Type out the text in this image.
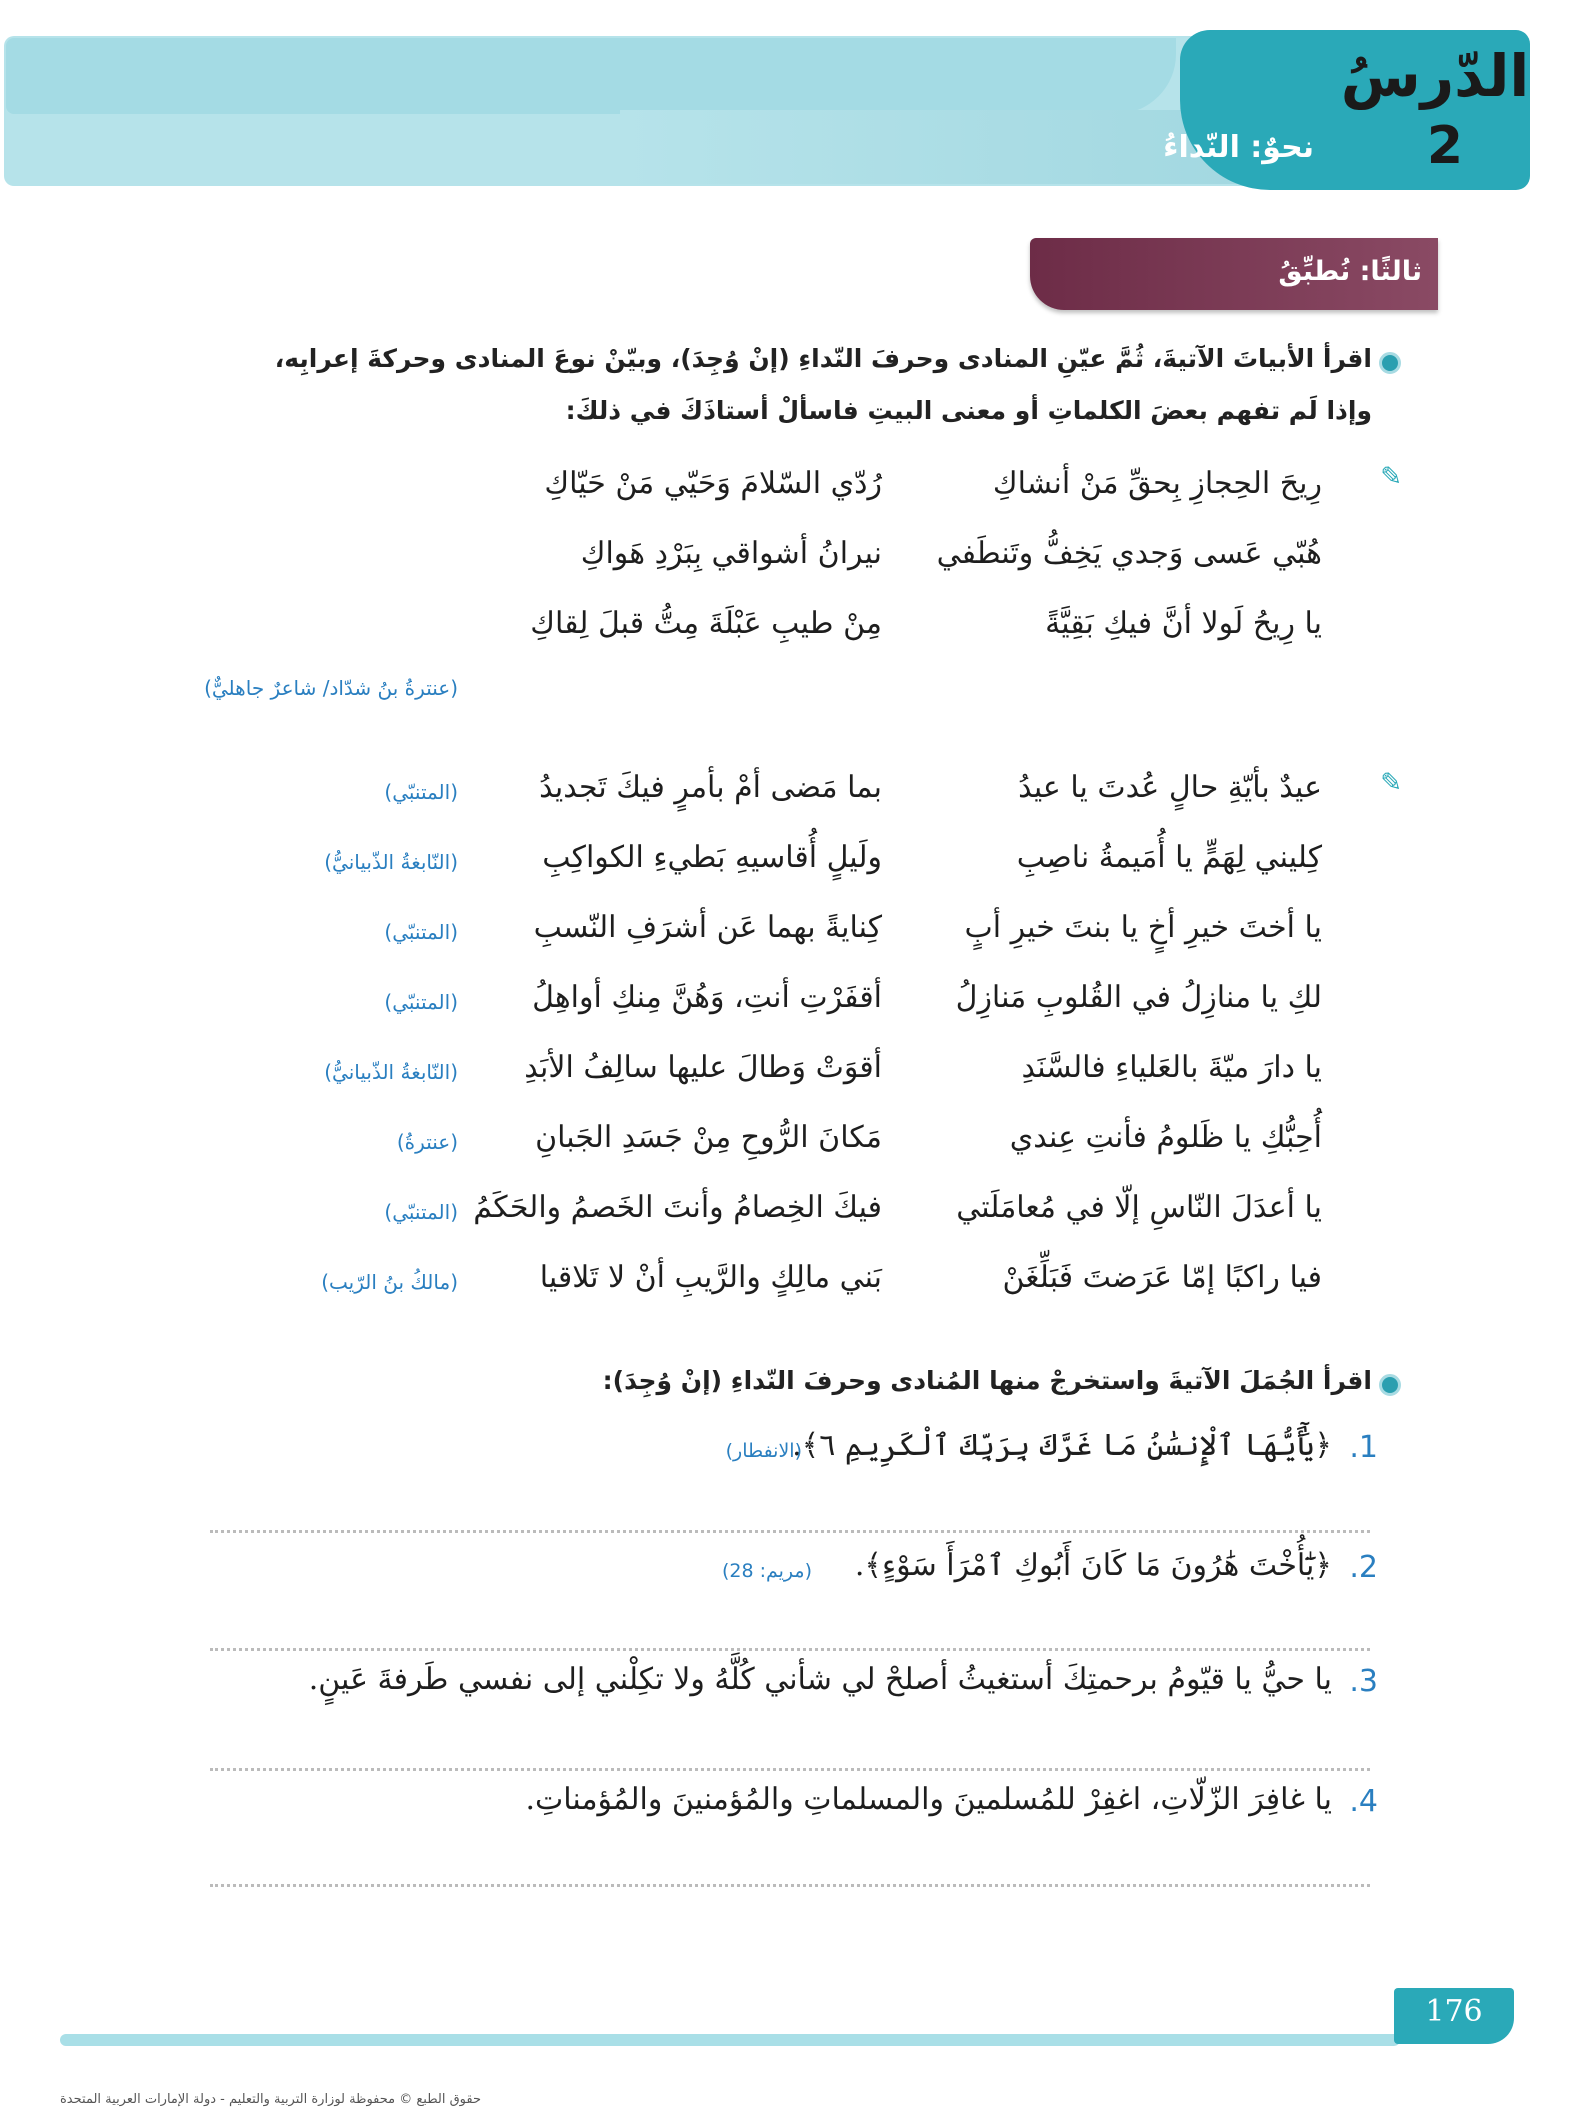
الدّرسُ
2
نحوٌ: النّداءُ
ثالثًا: نُطبِّقُ
اقرأ الأبياتَ الآتيةَ، ثُمَّ عيّنِ المنادى وحرفَ النّداءِ (إنْ وُجِدَ)، وبيّنْ نوعَ المنادى وحركةَ إعرابِه،
وإذا لَم تفهم بعضَ الكلماتِ أو معنى البيتِ فاسألْ أستاذَكَ في ذلكَ:
✎
رِيحَ الحِجازِ بِحقِّ مَنْ أنشاكِ
رُدّي السّلامَ وَحَيّي مَنْ حَيّاكِ
هُبّي عَسى وَجدي يَخِفُّ وتَنطَفي
نيرانُ أشواقي بِبَرْدِ هَواكِ
يا رِيحُ لَولا أنَّ فيكِ بَقِيَّةً
مِنْ طيبِ عَبْلَةَ مِتُّ قبلَ لِقاكِ
(عنترةُ بنُ شدّاد/ شاعرٌ جاهليٌّ)
✎
عيدٌ بأيّةِ حالٍ عُدتَ يا عيدُ
بما مَضى أمْ بأمرٍ فيكَ تَجديدُ
(المتنبّي)
كِليني لِهَمٍّ يا أُمَيمةُ ناصِبِ
ولَيلٍ أُقاسيهِ بَطيءِ الكواكِبِ
(النّابغةُ الذّبيانيُّ)
يا أختَ خيرِ أخٍ يا بنتَ خيرِ أبٍ
كِنايةً بهما عَن أشرَفِ النّسبِ
(المتنبّي)
لكِ يا منازِلُ في القُلوبِ مَنازِلُ
أقفَرْتِ أنتِ، وَهُنَّ مِنكِ أواهِلُ
(المتنبّي)
يا دارَ ميّةَ بالعَلياءِ فالسَّنَدِ
أقوَتْ وَطالَ عليها سالِفُ الأبَدِ
(النّابغةُ الذّبيانيُّ)
أُحِبُّكِ يا ظَلومُ فأنتِ عِندي
مَكانَ الرُّوحِ مِنْ جَسَدِ الجَبانِ
(عنترةُ)
يا أعدَلَ النّاسِ إلّا في مُعامَلَتي
فيكَ الخِصامُ وأنتَ الخَصمُ والحَكَمُ
(المتنبّي)
فيا راكبًا إمّا عَرَضتَ فَبَلِّغَنْ
بَني مالِكٍ والرَّيبِ أنْ لا تَلاقيا
(مالكُ بنُ الرّيب)
اقرأ الجُمَلَ الآتيةَ واستخرجْ منها المُنادى وحرفَ النّداءِ (إنْ وُجِدَ):
1.
﴿يَٰٓأَيُّهَا ٱلْإِنسَٰنُ مَا غَرَّكَ بِرَبِّكَ ٱلْكَرِيمِ ٦﴾.
(الانفطار)
2.
﴿يَٰٓأُخْتَ هَٰرُونَ مَا كَانَ أَبُوكِ ٱمْرَأَ سَوْءٍ﴾.
(مريم: 28)
3.
يا حيُّ يا قيّومُ برحمتِكَ أستغيثُ أصلحْ لي شأني كُلَّهُ ولا تكِلْني إلى نفسي طَرفةَ عَينٍ.
4.
يا غافِرَ الزّلّاتِ، اغفِرْ للمُسلمينَ والمسلماتِ والمُؤمنينَ والمُؤمناتِ.
176
حقوق الطبع © محفوظة لوزارة التربية والتعليم - دولة الإمارات العربية المتحدة
